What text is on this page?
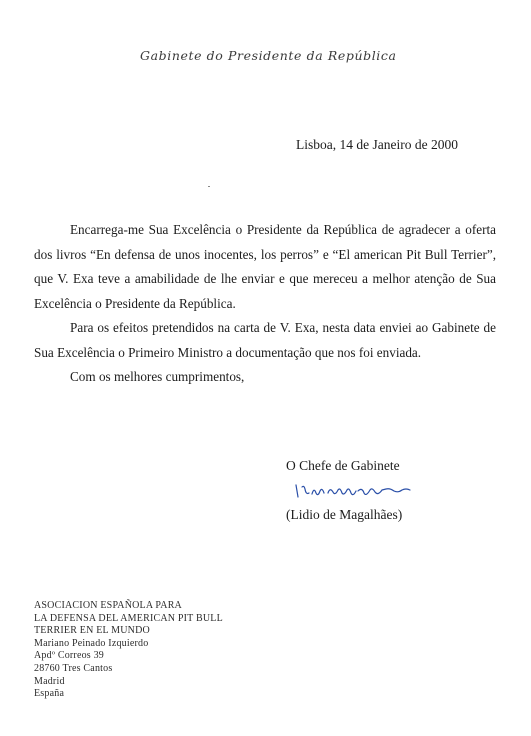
Gabinete do Presidente da República
Lisboa, 14 de Janeiro de 2000

Encarrega-me Sua Excelência o Presidente da República de agradecer a oferta dos livros “En defensa de unos inocentes, los perros” e “El american Pit Bull Terrier”, que V. Exa teve a amabilidade de lhe enviar e que mereceu a melhor atenção de Sua Excelência o Presidente da República.

Para os efeitos pretendidos na carta de V. Exa, nesta data enviei ao Gabinete de Sua Excelência o Primeiro Ministro a documentação que nos foi enviada.

Com os melhores cumprimentos,

O Chefe de Gabinete
(Lidio de Magalhães)
ASOCIACION ESPAÑOLA PARA
LA DEFENSA DEL AMERICAN PIT BULL
TERRIER EN EL MUNDO
Mariano Peinado Izquierdo
Apdº Correos 39
28760 Tres Cantos
Madrid
España
